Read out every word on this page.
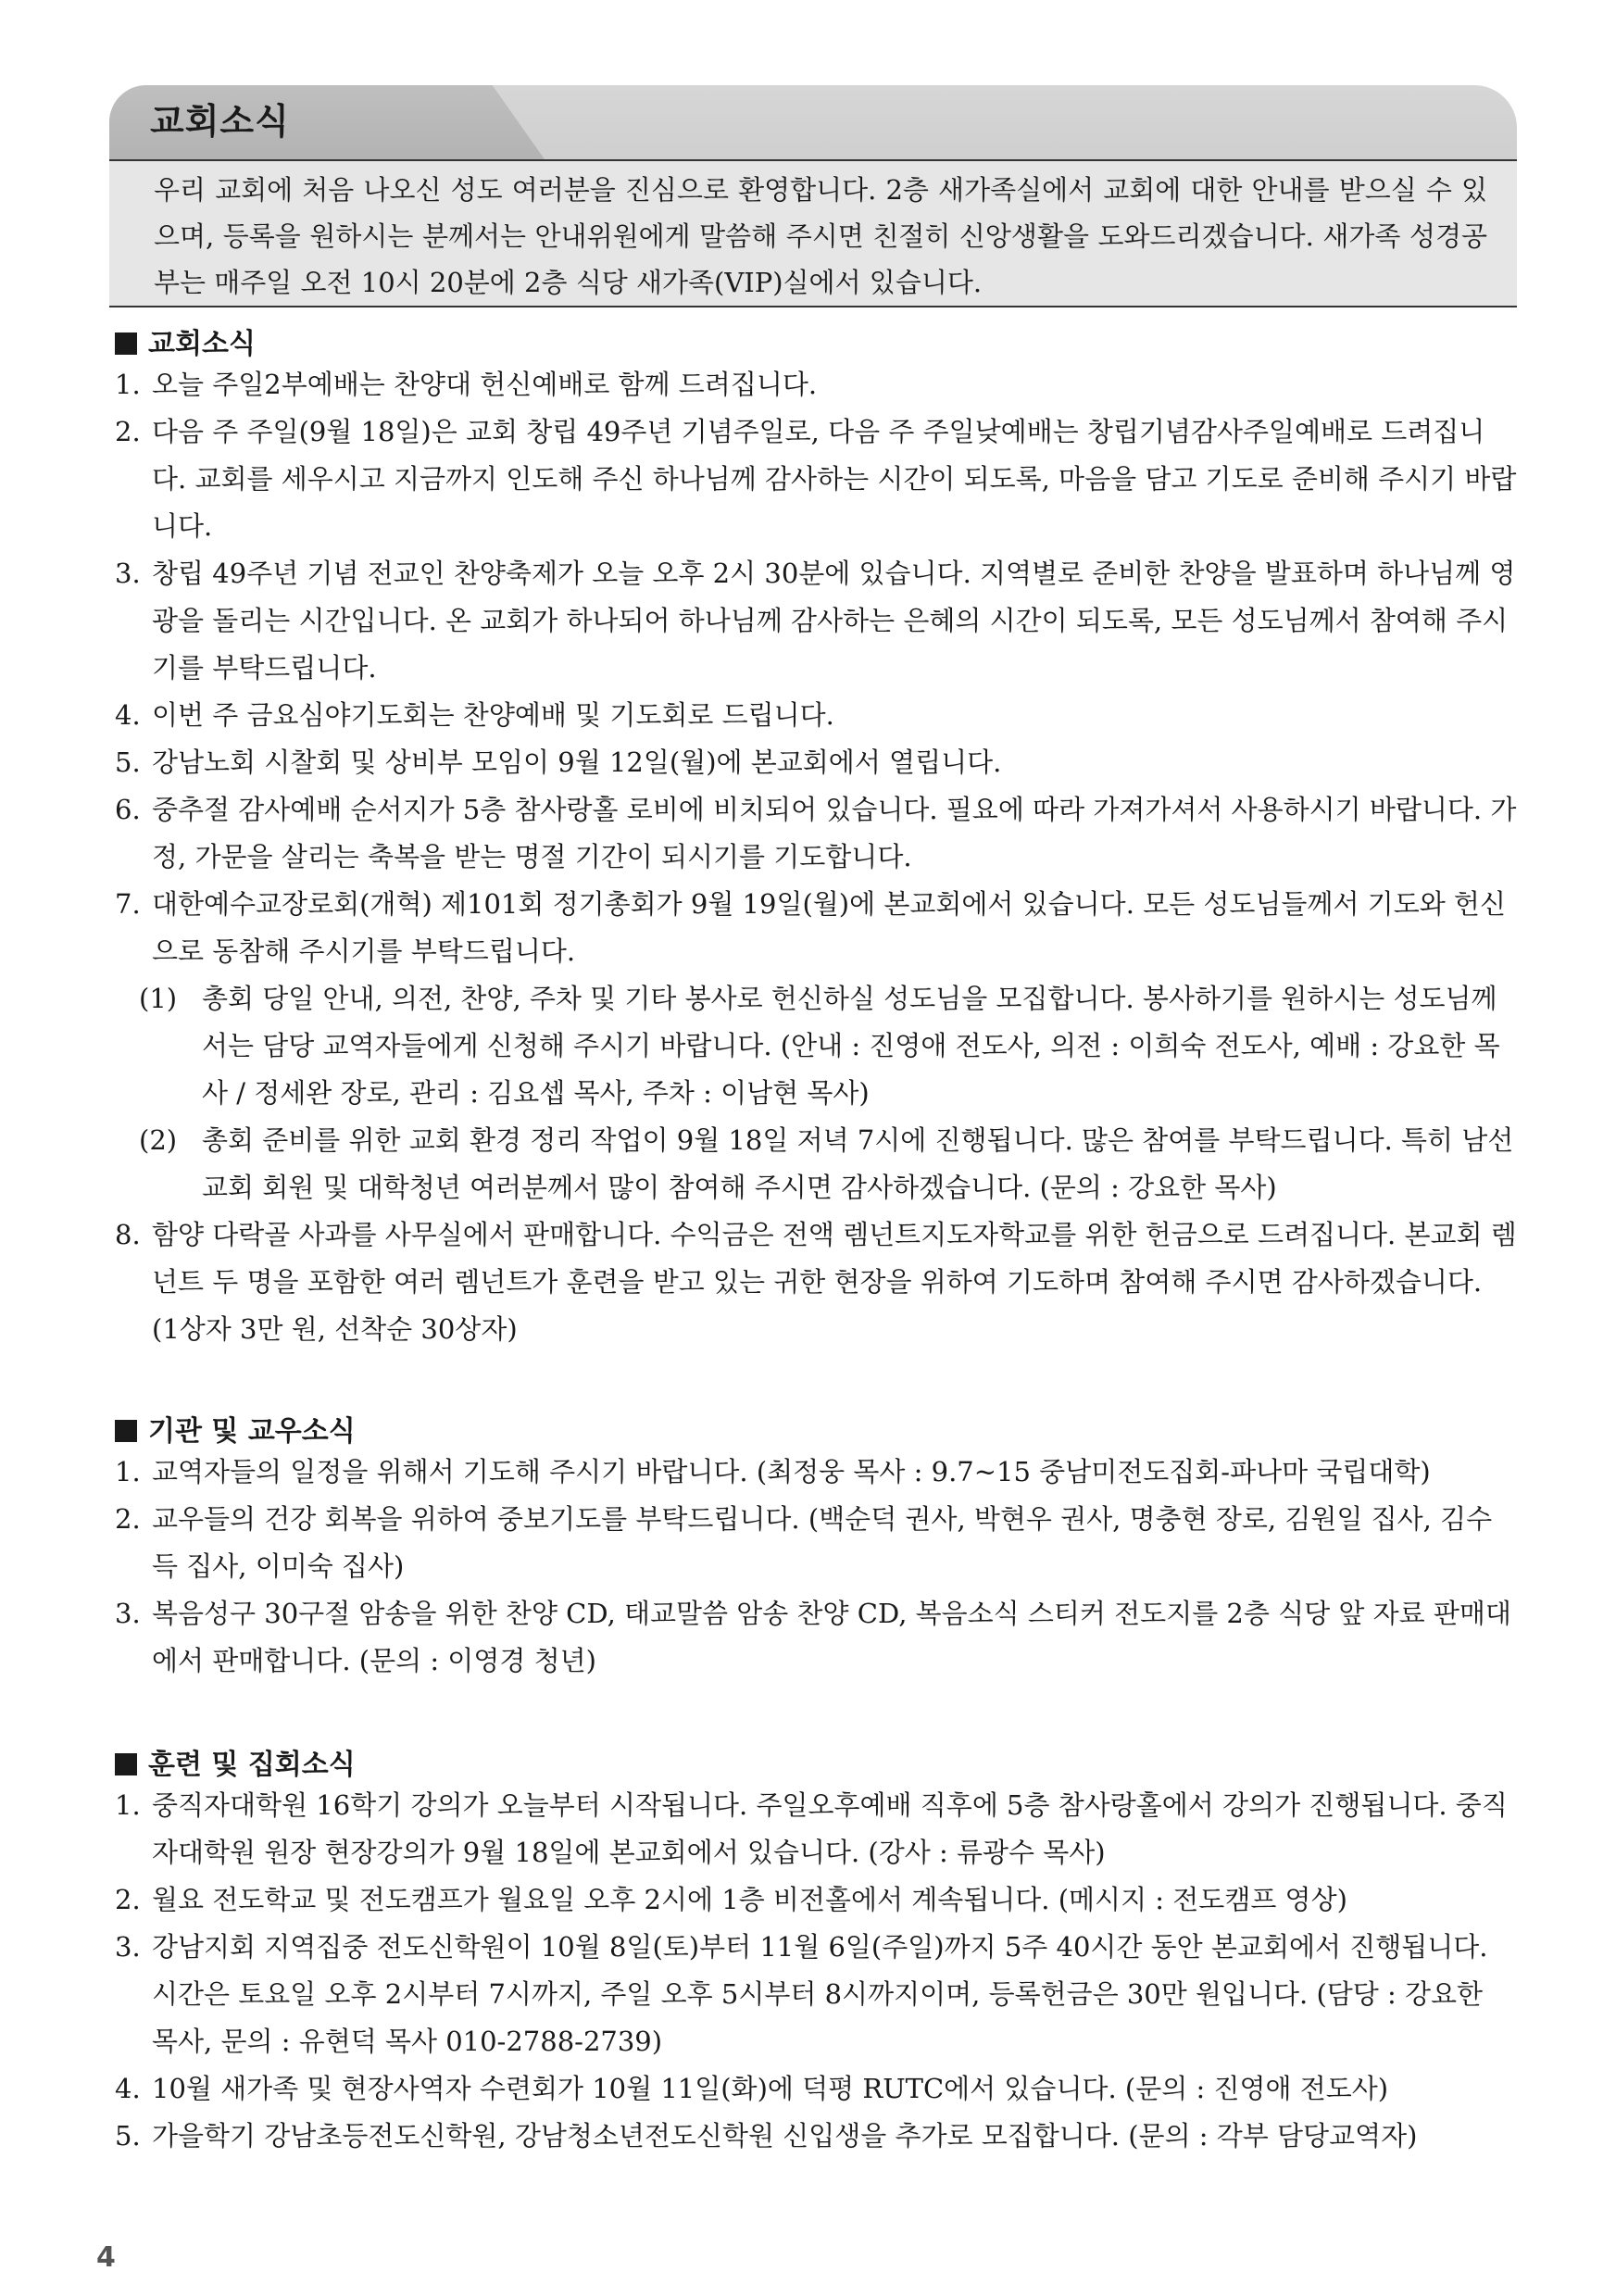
교회소식
우리 교회에 처음 나오신 성도 여러분을 진심으로 환영합니다. 2층 새가족실에서 교회에 대한 안내를 받으실 수 있으며, 등록을 원하시는 분께서는 안내위원에게 말씀해 주시면 친절히 신앙생활을 도와드리겠습니다. 새가족 성경공부는 매주일 오전 10시 20분에 2층 식당 새가족(VIP)실에서 있습니다.
교회소식
1. 오늘 주일2부예배는 찬양대 헌신예배로 함께 드려집니다.
2. 다음 주 주일(9월 18일)은 교회 창립 49주년 기념주일로, 다음 주 주일낮예배는 창립기념감사주일예배로 드려집니다. 교회를 세우시고 지금까지 인도해 주신 하나님께 감사하는 시간이 되도록, 마음을 담고 기도로 준비해 주시기 바랍니다.
3. 창립 49주년 기념 전교인 찬양축제가 오늘 오후 2시 30분에 있습니다. 지역별로 준비한 찬양을 발표하며 하나님께 영광을 돌리는 시간입니다. 온 교회가 하나되어 하나님께 감사하는 은혜의 시간이 되도록, 모든 성도님께서 참여해 주시기를 부탁드립니다.
4. 이번 주 금요심야기도회는 찬양예배 및 기도회로 드립니다.
5. 강남노회 시찰회 및 상비부 모임이 9월 12일(월)에 본교회에서 열립니다.
6. 중추절 감사예배 순서지가 5층 참사랑홀 로비에 비치되어 있습니다. 필요에 따라 가져가셔서 사용하시기 바랍니다. 가정, 가문을 살리는 축복을 받는 명절 기간이 되시기를 기도합니다.
7. 대한예수교장로회(개혁) 제101회 정기총회가 9월 19일(월)에 본교회에서 있습니다. 모든 성도님들께서 기도와 헌신으로 동참해 주시기를 부탁드립니다.
(1) 총회 당일 안내, 의전, 찬양, 주차 및 기타 봉사로 헌신하실 성도님을 모집합니다. 봉사하기를 원하시는 성도님께서는 담당 교역자들에게 신청해 주시기 바랍니다. (안내 : 진영애 전도사, 의전 : 이희숙 전도사, 예배 : 강요한 목사 / 정세완 장로, 관리 : 김요셉 목사, 주차 : 이남현 목사)
(2) 총회 준비를 위한 교회 환경 정리 작업이 9월 18일 저녁 7시에 진행됩니다. 많은 참여를 부탁드립니다. 특히 남선교회 회원 및 대학청년 여러분께서 많이 참여해 주시면 감사하겠습니다. (문의 : 강요한 목사)
8. 함양 다락골 사과를 사무실에서 판매합니다. 수익금은 전액 렘넌트지도자학교를 위한 헌금으로 드려집니다. 본교회 렘넌트 두 명을 포함한 여러 렘넌트가 훈련을 받고 있는 귀한 현장을 위하여 기도하며 참여해 주시면 감사하겠습니다. (1상자 3만 원, 선착순 30상자)
기관 및 교우소식
1. 교역자들의 일정을 위해서 기도해 주시기 바랍니다. (최정웅 목사 : 9.7~15 중남미전도집회-파나마 국립대학)
2. 교우들의 건강 회복을 위하여 중보기도를 부탁드립니다. (백순덕 권사, 박현우 권사, 명충현 장로, 김원일 집사, 김수득 집사, 이미숙 집사)
3. 복음성구 30구절 암송을 위한 찬양 CD, 태교말씀 암송 찬양 CD, 복음소식 스티커 전도지를 2층 식당 앞 자료 판매대에서 판매합니다. (문의 : 이영경 청년)
훈련 및 집회소식
1. 중직자대학원 16학기 강의가 오늘부터 시작됩니다. 주일오후예배 직후에 5층 참사랑홀에서 강의가 진행됩니다. 중직자대학원 원장 현장강의가 9월 18일에 본교회에서 있습니다. (강사 : 류광수 목사)
2. 월요 전도학교 및 전도캠프가 월요일 오후 2시에 1층 비전홀에서 계속됩니다. (메시지 : 전도캠프 영상)
3. 강남지회 지역집중 전도신학원이 10월 8일(토)부터 11월 6일(주일)까지 5주 40시간 동안 본교회에서 진행됩니다. 시간은 토요일 오후 2시부터 7시까지, 주일 오후 5시부터 8시까지이며, 등록헌금은 30만 원입니다. (담당 : 강요한 목사, 문의 : 유현덕 목사 010-2788-2739)
4. 10월 새가족 및 현장사역자 수련회가 10월 11일(화)에 덕평 RUTC에서 있습니다. (문의 : 진영애 전도사)
5. 가을학기 강남초등전도신학원, 강남청소년전도신학원 신입생을 추가로 모집합니다. (문의 : 각부 담당교역자)
4
